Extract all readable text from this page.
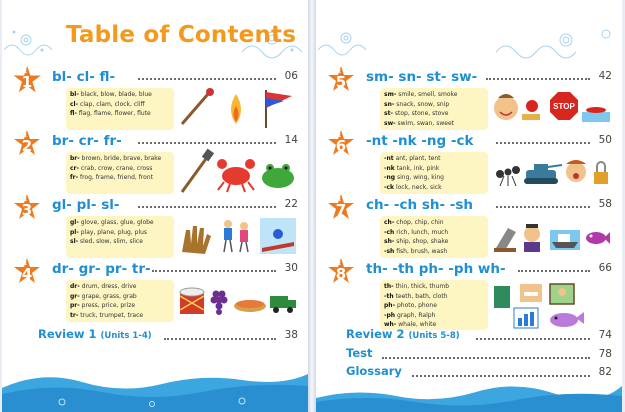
Table of Contents
Unit
1	bl- cl- fl-	06
bl- black, blow, blade, blue
cl- clap, clam, clock, cliff
fl- flag, flame, flower, flute
Unit
2	br- cr- fr-	14
br- brown, bride, brave, brake
cr- crab, crow, crane, cross
fr- frog, frame, friend, front
Unit
3	gl- pl- sl-	22
gl- glove, glass, glue, globe
pl- play, plane, plug, plus
sl- sled, slow, slim, slice
Unit
4	dr- gr- pr- tr-	30
dr- drum, dress, drive
gr- grape, grass, grab
pr- press, price, prize
tr- truck, trumpet, trace
Review 1 (Units 1-4)	38
Unit
5	sm- sn- st- sw-	42
sm- smile, smell, smoke
sn- snack, snow, snip
st- stop, stone, stove
sw- swim, swan, sweet
STOP
Unit
6	-nt -nk -ng -ck	50
-nt ant, plant, tent
-nk tank, ink, pink
-ng sing, wing, king
-ck lock, neck, sick
Unit
7	ch- -ch sh- -sh	58
ch- chop, chip, chin
-ch rich, lunch, much
sh- ship, shop, shake
-sh fish, brush, wash
Unit
8	th- -th ph- -ph wh-	66
th- thin, thick, thumb
-th teeth, bath, cloth
ph- photo, phone
-ph graph, Ralph
wh- whale, white
Review 2 (Units 5-8)	74
Test	78
Glossary	82
